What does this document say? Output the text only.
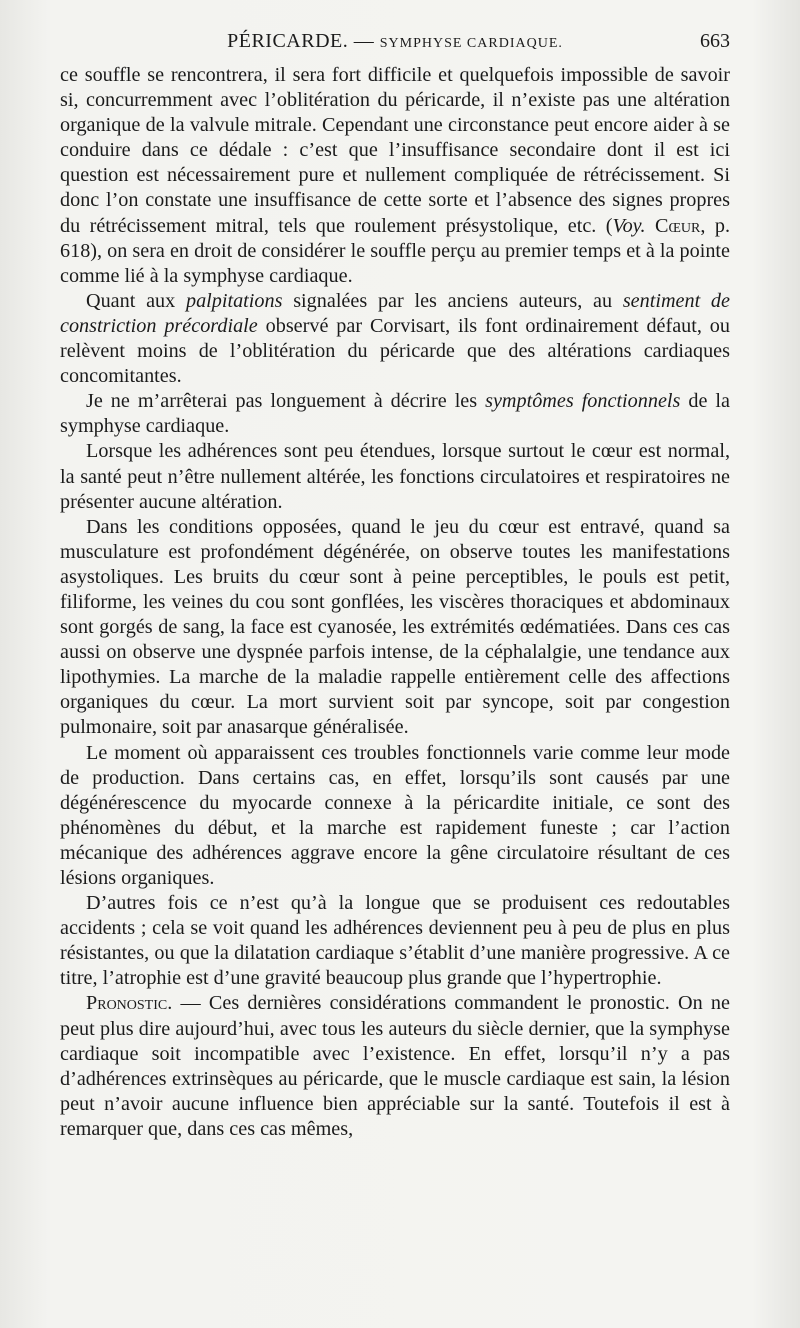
PÉRICARDE. — SYMPHYSE CARDIAQUE.	663

ce souffle se rencontrera, il sera fort difficile et quelquefois impossible de savoir si, concurremment avec l’oblitération du péricarde, il n’existe pas une altération organique de la valvule mitrale. Cependant une circonstance peut encore aider à se conduire dans ce dédale : c’est que l’insuffisance secondaire dont il est ici question est nécessairement pure et nullement compliquée de rétrécissement. Si donc l’on constate une insuffisance de cette sorte et l’absence des signes propres du rétrécissement mitral, tels que roulement présystolique, etc. (Voy. Cœur, p. 618), on sera en droit de considérer le souffle perçu au premier temps et à la pointe comme lié à la symphyse cardiaque.

Quant aux palpitations signalées par les anciens auteurs, au sentiment de constriction précordiale observé par Corvisart, ils font ordinairement défaut, ou relèvent moins de l’oblitération du péricarde que des altérations cardiaques concomitantes.

Je ne m’arrêterai pas longuement à décrire les symptômes fonctionnels de la symphyse cardiaque.

Lorsque les adhérences sont peu étendues, lorsque surtout le cœur est normal, la santé peut n’être nullement altérée, les fonctions circulatoires et respiratoires ne présenter aucune altération.

Dans les conditions opposées, quand le jeu du cœur est entravé, quand sa musculature est profondément dégénérée, on observe toutes les manifestations asystoliques. Les bruits du cœur sont à peine perceptibles, le pouls est petit, filiforme, les veines du cou sont gonflées, les viscères thoraciques et abdominaux sont gorgés de sang, la face est cyanosée, les extrémités œdématiées. Dans ces cas aussi on observe une dyspnée parfois intense, de la céphalalgie, une tendance aux lipothymies. La marche de la maladie rappelle entièrement celle des affections organiques du cœur. La mort survient soit par syncope, soit par congestion pulmonaire, soit par anasarque généralisée.

Le moment où apparaissent ces troubles fonctionnels varie comme leur mode de production. Dans certains cas, en effet, lorsqu’ils sont causés par une dégénérescence du myocarde connexe à la péricardite initiale, ce sont des phénomènes du début, et la marche est rapidement funeste ; car l’action mécanique des adhérences aggrave encore la gêne circulatoire résultant de ces lésions organiques.

D’autres fois ce n’est qu’à la longue que se produisent ces redoutables accidents ; cela se voit quand les adhérences deviennent peu à peu de plus en plus résistantes, ou que la dilatation cardiaque s’établit d’une manière progressive. A ce titre, l’atrophie est d’une gravité beaucoup plus grande que l’hypertrophie.

Pronostic. — Ces dernières considérations commandent le pronostic. On ne peut plus dire aujourd’hui, avec tous les auteurs du siècle dernier, que la symphyse cardiaque soit incompatible avec l’existence. En effet, lorsqu’il n’y a pas d’adhérences extrinsèques au péricarde, que le muscle cardiaque est sain, la lésion peut n’avoir aucune influence bien appréciable sur la santé. Toutefois il est à remarquer que, dans ces cas mêmes,
